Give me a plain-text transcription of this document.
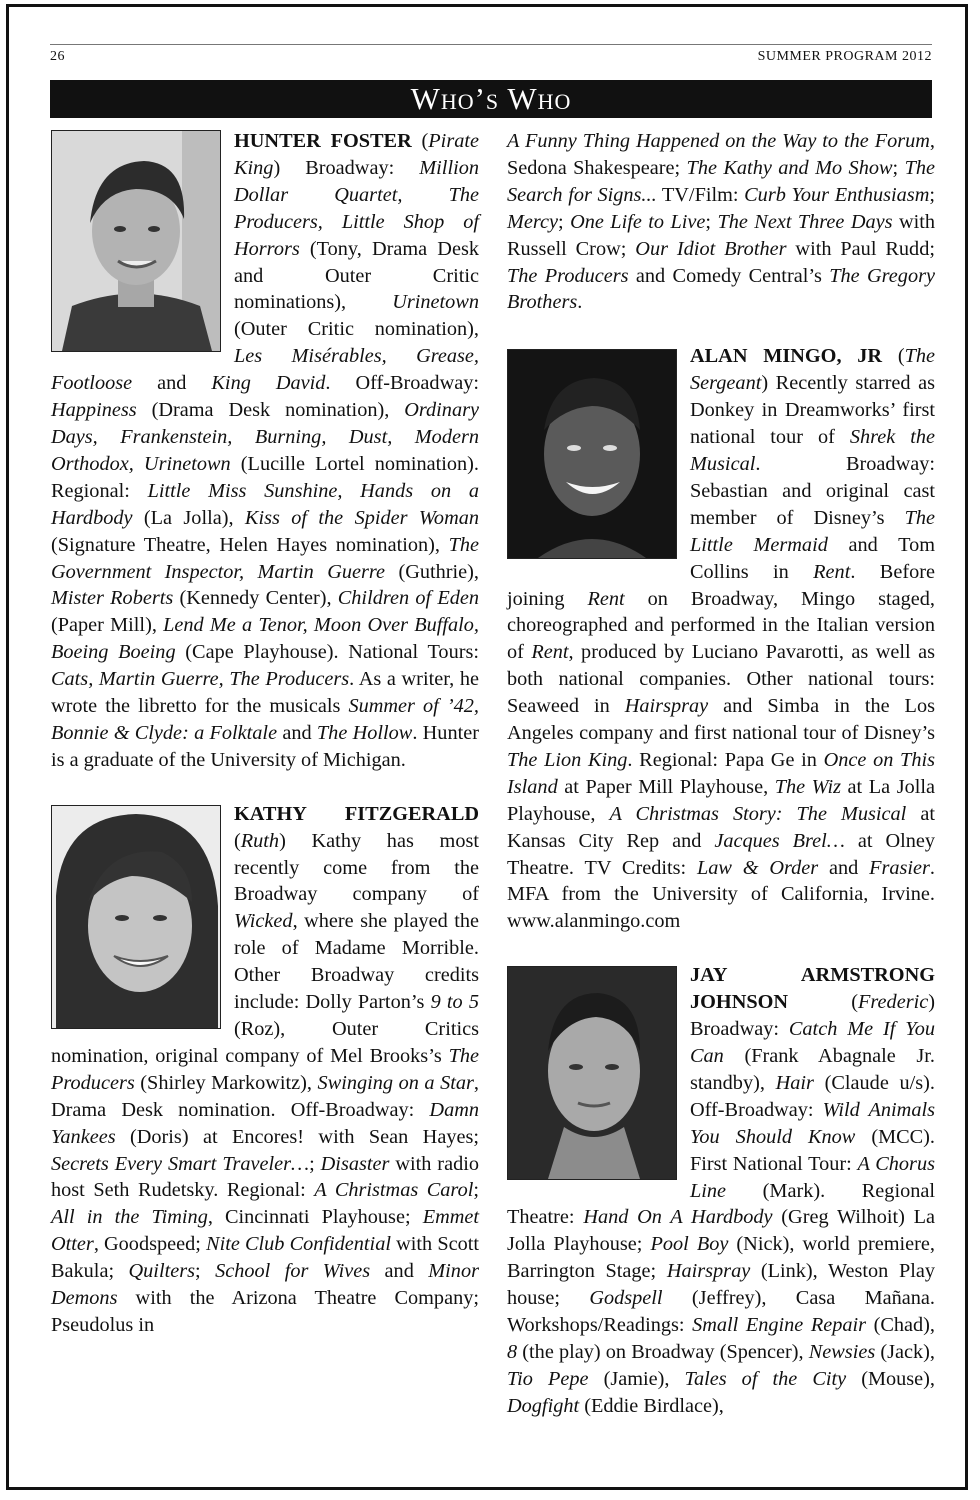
26	SUMMER PROGRAM 2012
Who’s Who

HUNTER FOSTER (Pirate King) Broadway: Million Dollar Quartet, The Producers, Little Shop of Horrors (Tony, Drama Desk and Outer Critic nominations), Urinetown (Outer Critic nomination), Les Misérables, Grease, Footloose and King David. Off-Broadway: Happiness (Drama Desk nomination), Ordinary Days, Frankenstein, Burning, Dust, Modern Orthodox, Urinetown (Lucille Lortel nomination). Regional: Little Miss Sunshine, Hands on a Hardbody (La Jolla), Kiss of the Spider Woman (Signature Theatre, Helen Hayes nomination), The Government Inspector, Martin Guerre (Guthrie), Mister Roberts (Kennedy Center), Children of Eden (Paper Mill), Lend Me a Tenor, Moon Over Buffalo, Boeing Boeing (Cape Playhouse). National Tours: Cats, Martin Guerre, The Producers. As a writer, he wrote the libretto for the musicals Summer of ’42, Bonnie & Clyde: a Folktale and The Hollow. Hunter is a graduate of the University of Michigan.

KATHY FITZGERALD (Ruth) Kathy has most recently come from the Broadway company of Wicked, where she played the role of Madame Morrible. Other Broadway credits include: Dolly Parton’s 9 to 5 (Roz), Outer Critics nomination, original company of Mel Brooks’s The Producers (Shirley Markowitz), Swinging on a Star, Drama Desk nomination. Off-Broadway: Damn Yankees (Doris) at Encores! with Sean Hayes; Secrets Every Smart Traveler…; Disaster with radio host Seth Rudetsky. Regional: A Christmas Carol; All in the Timing, Cincinnati Playhouse; Emmet Otter, Goodspeed; Nite Club Confidential with Scott Bakula; Quilters; School for Wives and Minor Demons with the Arizona Theatre Company; Pseudolus in

A Funny Thing Happened on the Way to the Forum, Sedona Shakespeare; The Kathy and Mo Show; The Search for Signs... TV/Film: Curb Your Enthusiasm; Mercy; One Life to Live; The Next Three Days with Russell Crow; Our Idiot Brother with Paul Rudd; The Producers and Comedy Central’s The Gregory Brothers.

ALAN MINGO, JR (The Sergeant) Recently starred as Donkey in Dreamworks’ first national tour of Shrek the Musical. Broadway: Sebastian and original cast member of Disney’s The Little Mermaid and Tom Collins in Rent. Before joining Rent on Broadway, Mingo staged, choreographed and performed in the Italian version of Rent, produced by Luciano Pavarotti, as well as both national companies. Other national tours: Seaweed in Hairspray and Simba in the Los Angeles company and first national tour of Disney’s The Lion King. Regional: Papa Ge in Once on This Island at Paper Mill Playhouse, The Wiz at La Jolla Playhouse, A Christmas Story: The Musical at Kansas City Rep and Jacques Brel… at Olney Theatre. TV Credits: Law & Order and Frasier. MFA from the University of California, Irvine. www.alanmingo.com

JAY ARMSTRONG JOHNSON (Frederic) Broadway: Catch Me If You Can (Frank Abagnale Jr. standby), Hair (Claude u/s). Off-Broadway: Wild Animals You Should Know (MCC). First National Tour: A Chorus Line (Mark). Regional Theatre: Hand On A Hardbody (Greg Wilhoit) La Jolla Playhouse; Pool Boy (Nick), world premiere, Barrington Stage; Hairspray (Link), Weston Play house; Godspell (Jeffrey), Casa Mañana. Workshops/Readings: Small Engine Repair (Chad), 8 (the play) on Broadway (Spencer), Newsies (Jack), Tio Pepe (Jamie), Tales of the City (Mouse), Dogfight (Eddie Birdlace),
